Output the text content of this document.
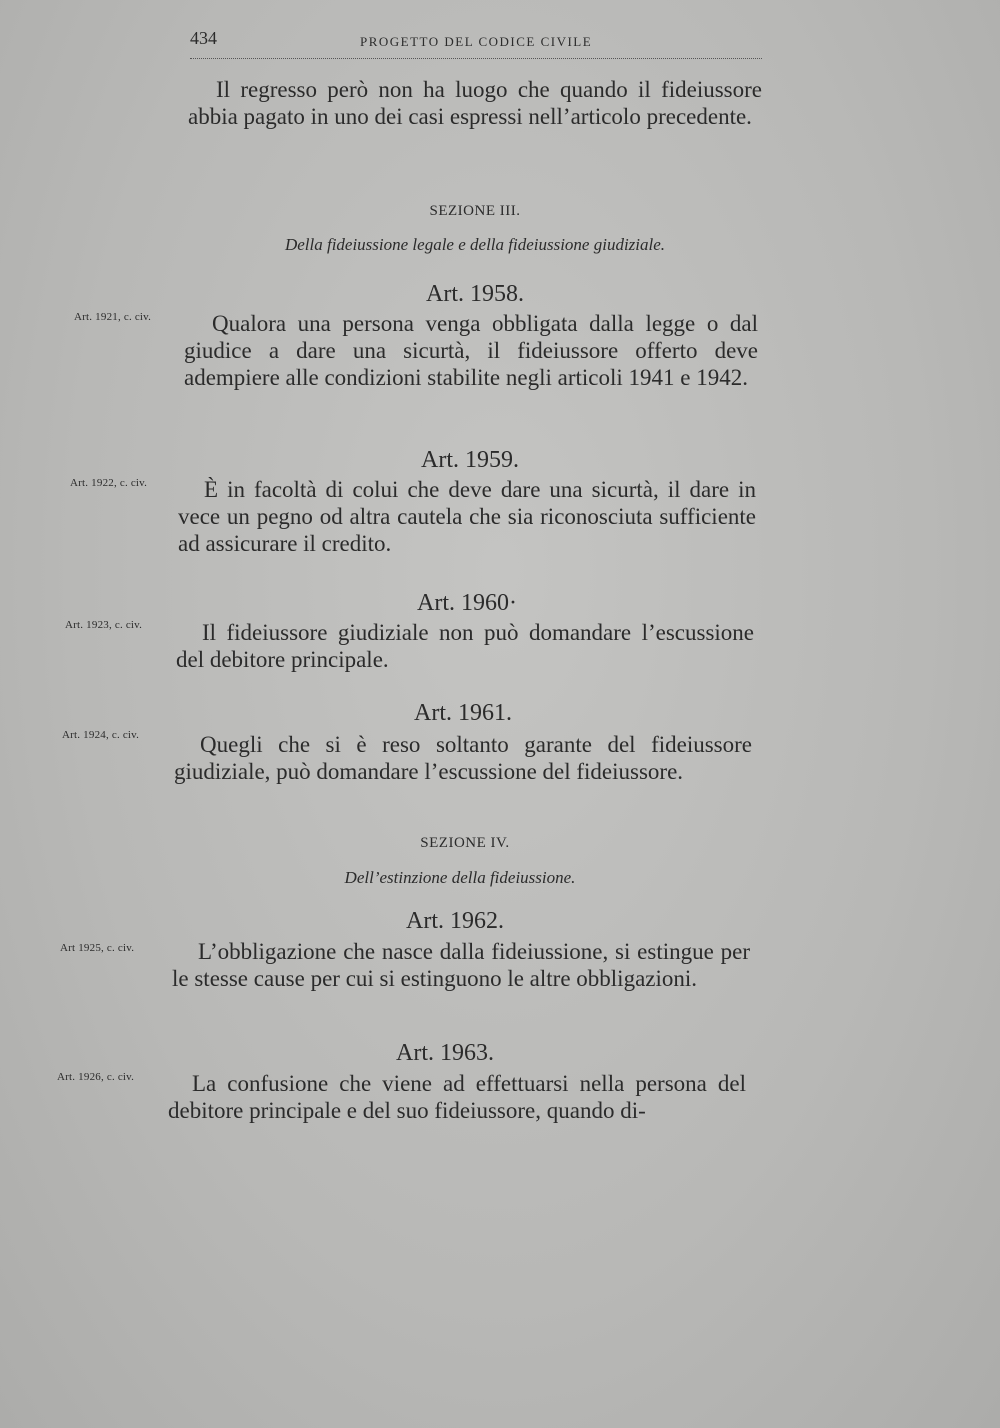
434	PROGETTO DEL CODICE CIVILE

Il regresso però non ha luogo che quando il fideiussore abbia pagato in uno dei casi espressi nell’articolo precedente.

SEZIONE III.
Della fideiussione legale e della fideiussione giudiziale.
Art. 1958.
Art. 1921, c. civ.	Qualora una persona venga obbligata dalla legge o dal giudice a dare una sicurtà, il fideiussore offerto deve adempiere alle condizioni stabilite negli articoli 1941 e 1942.

Art. 1959.
Art. 1922, c. civ.	È in facoltà di colui che deve dare una sicurtà, il dare in vece un pegno od altra cautela che sia riconosciuta sufficiente ad assicurare il credito.

Art. 1960·
Art. 1923, c. civ.	Il fideiussore giudiziale non può domandare l’escussione del debitore principale.

Art. 1961.
Art. 1924, c. civ.	Quegli che si è reso soltanto garante del fideiussore giudiziale, può domandare l’escussione del fideiussore.

SEZIONE IV.
Dell’estinzione della fideiussione.
Art. 1962.
Art 1925, c. civ.	L’obbligazione che nasce dalla fideiussione, si estingue per le stesse cause per cui si estinguono le altre obbligazioni.

Art. 1963.
Art. 1926, c. civ.	La confusione che viene ad effettuarsi nella persona del debitore principale e del suo fideiussore, quando di-
